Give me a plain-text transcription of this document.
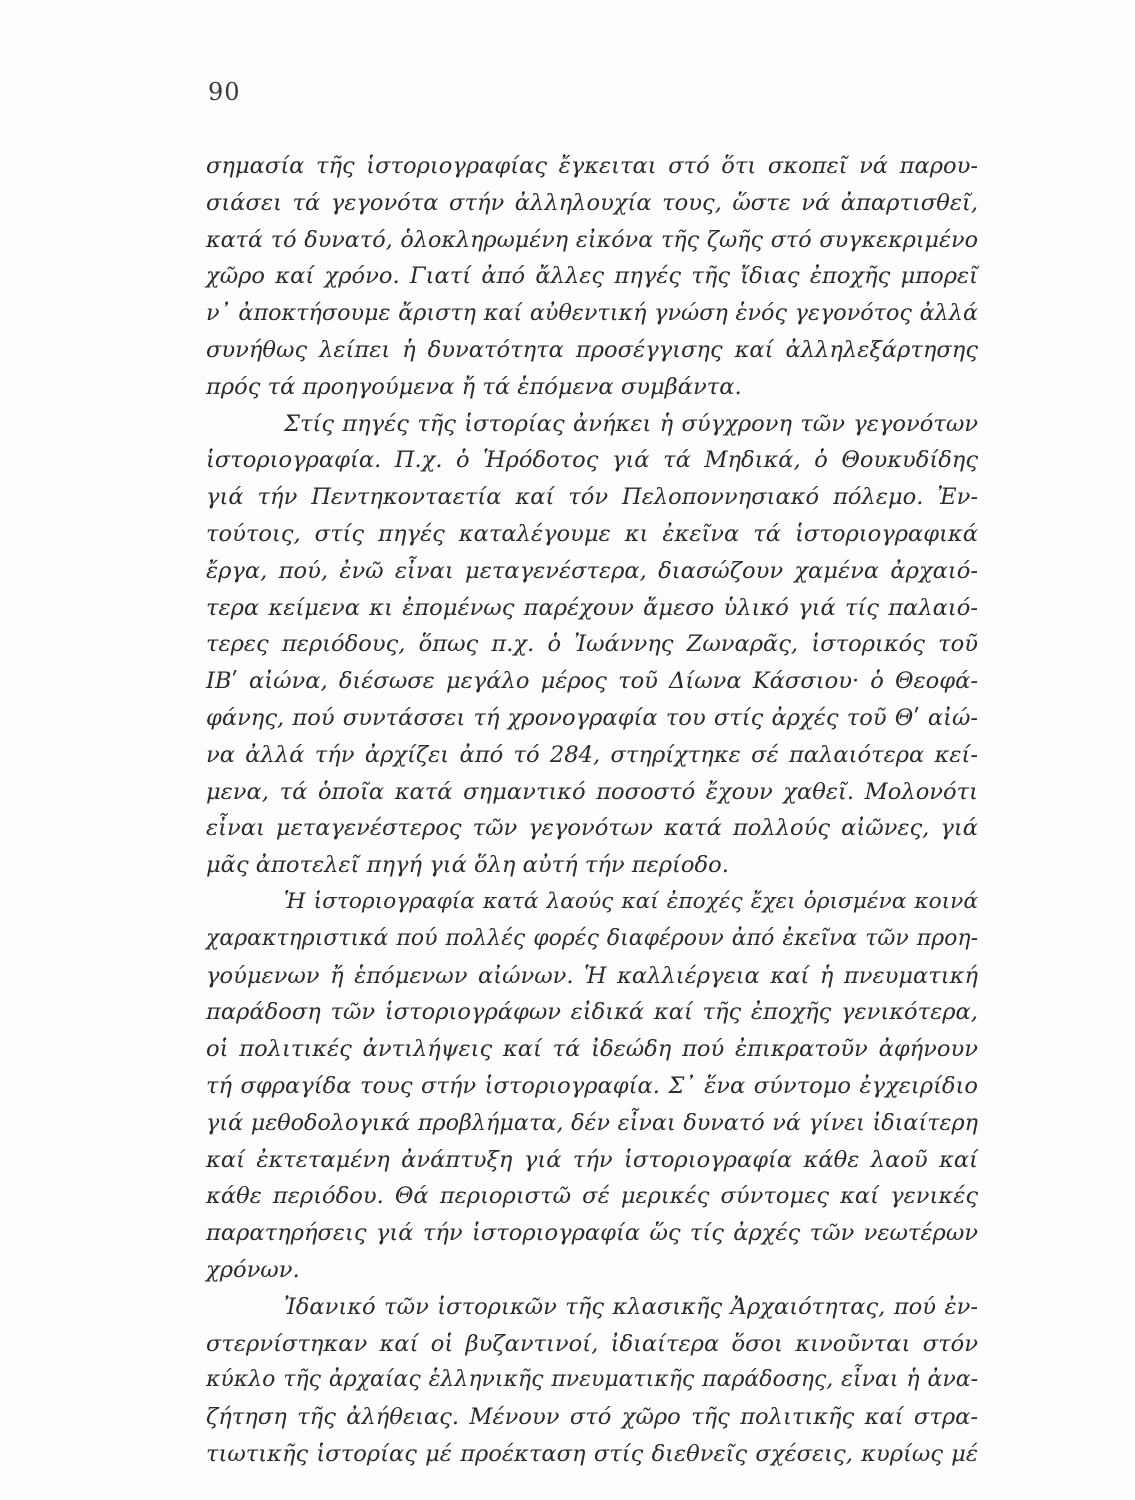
90
σημασία τῆς ἱστοριογραφίας ἔγκειται στό ὅτι σκοπεῖ νά παρου-
σιάσει τά γεγονότα στήν ἀλληλουχία τους, ὥστε νά ἀπαρτισθεῖ,
κατά τό δυνατό, ὁλοκληρωμένη εἰκόνα τῆς ζωῆς στό συγκεκριμένο
χῶρο καί χρόνο. Γιατί ἀπό ἄλλες πηγές τῆς ἴδιας ἐποχῆς μπορεῖ
ν᾽ ἀποκτήσουμε ἄριστη καί αὐθεντική γνώση ἑνός γεγονότος ἀλλά
συνήθως λείπει ἡ δυνατότητα προσέγγισης καί ἀλληλεξάρτησης
πρός τά προηγούμενα ἤ τά ἑπόμενα συμβάντα.
Στίς πηγές τῆς ἱστορίας ἀνήκει ἡ σύγχρονη τῶν γεγονότων
ἱστοριογραφία. Π.χ. ὁ Ἡρόδοτος γιά τά Μηδικά, ὁ Θουκυδίδης
γιά τήν Πεντηκονταετία καί τόν Πελοποννησιακό πόλεμο. Ἐν-
τούτοις, στίς πηγές καταλέγουμε κι ἐκεῖνα τά ἱστοριογραφικά
ἔργα, πού, ἐνῶ εἶναι μεταγενέστερα, διασώζουν χαμένα ἀρχαιό-
τερα κείμενα κι ἐπομένως παρέχουν ἄμεσο ὑλικό γιά τίς παλαιό-
τερες περιόδους, ὅπως π.χ. ὁ Ἰωάννης Ζωναρᾶς, ἱστορικός τοῦ
ΙΒʹ αἰώνα, διέσωσε μεγάλο μέρος τοῦ Δίωνα Κάσσιου· ὁ Θεοφά-
φάνης, πού συντάσσει τή χρονογραφία του στίς ἀρχές τοῦ Θʹ αἰώ-
να ἀλλά τήν ἀρχίζει ἀπό τό 284, στηρίχτηκε σέ παλαιότερα κεί-
μενα, τά ὁποῖα κατά σημαντικό ποσοστό ἔχουν χαθεῖ. Μολονότι
εἶναι μεταγενέστερος τῶν γεγονότων κατά πολλούς αἰῶνες, γιά
μᾶς ἀποτελεῖ πηγή γιά ὅλη αὐτή τήν περίοδο.
Ἡ ἱστοριογραφία κατά λαούς καί ἐποχές ἔχει ὁρισμένα κοινά
χαρακτηριστικά πού πολλές φορές διαφέρουν ἀπό ἐκεῖνα τῶν προη-
γούμενων ἤ ἑπόμενων αἰώνων. Ἡ καλλιέργεια καί ἡ πνευματική
παράδοση τῶν ἱστοριογράφων εἰδικά καί τῆς ἐποχῆς γενικότερα,
οἱ πολιτικές ἀντιλήψεις καί τά ἰδεώδη πού ἐπικρατοῦν ἀφήνουν
τή σφραγίδα τους στήν ἱστοριογραφία. Σ᾽ ἕνα σύντομο ἐγχειρίδιο
γιά μεθοδολογικά προβλήματα, δέν εἶναι δυνατό νά γίνει ἰδιαίτερη
καί ἐκτεταμένη ἀνάπτυξη γιά τήν ἱστοριογραφία κάθε λαοῦ καί
κάθε περιόδου. Θά περιοριστῶ σέ μερικές σύντομες καί γενικές
παρατηρήσεις γιά τήν ἱστοριογραφία ὥς τίς ἀρχές τῶν νεωτέρων
χρόνων.
Ἰδανικό τῶν ἱστορικῶν τῆς κλασικῆς Ἀρχαιότητας, πού ἐν-
στερνίστηκαν καί οἱ βυζαντινοί, ἰδιαίτερα ὅσοι κινοῦνται στόν
κύκλο τῆς ἀρχαίας ἑλληνικῆς πνευματικῆς παράδοσης, εἶναι ἡ ἀνα-
ζήτηση τῆς ἀλήθειας. Μένουν στό χῶρο τῆς πολιτικῆς καί στρα-
τιωτικῆς ἱστορίας μέ προέκταση στίς διεθνεῖς σχέσεις, κυρίως μέ
